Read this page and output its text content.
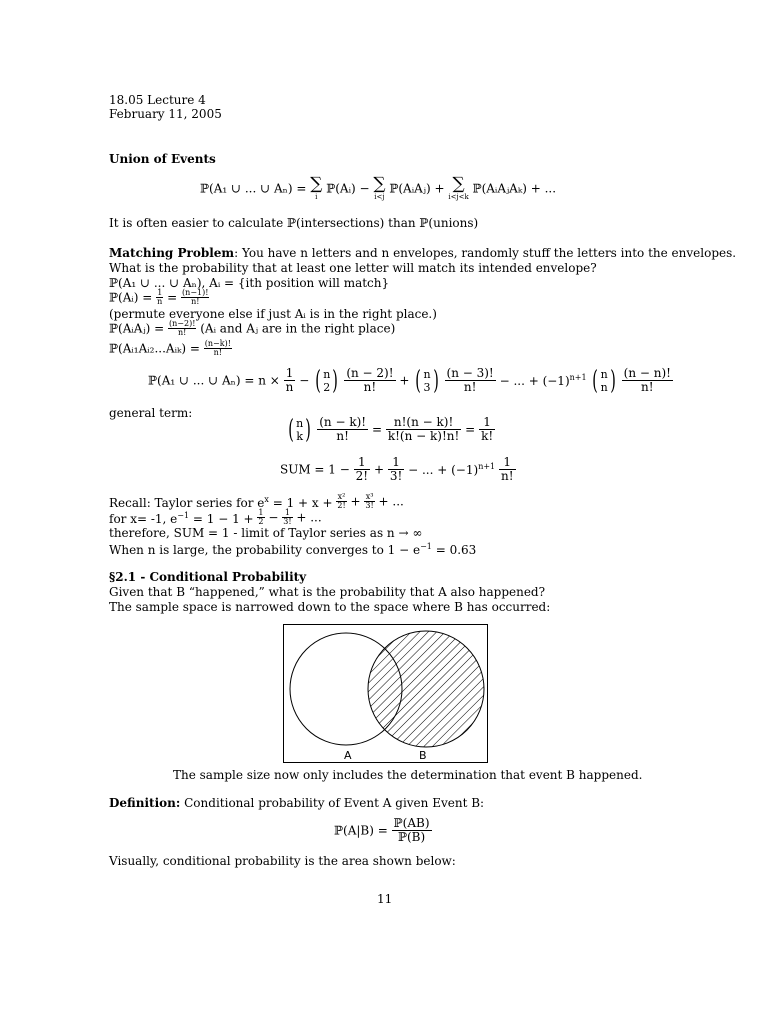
18.05 Lecture 4
February 11, 2005
Union of Events
ℙ(A₁ ∪ ... ∪ Aₙ) = ∑
i
ℙ(Aᵢ) − ∑
i<j
ℙ(AᵢAⱼ) + ∑
i<j<k
ℙ(AᵢAⱼAₖ) + ...
It is often easier to calculate ℙ(intersections) than ℙ(unions)
Matching Problem: You have n letters and n envelopes, randomly stuff the letters into the envelopes.
What is the probability that at least one letter will match its intended envelope?
ℙ(A₁ ∪ ... ∪ Aₙ), Aᵢ = {ith position will match}
ℙ(Aᵢ) = $\frac{1}{n} = \frac{(n-1)!}{n!}$
(permute everyone else if just Aᵢ is in the right place.)
ℙ(AᵢAⱼ) = $\frac{(n-2)!}{n!}$ (Aᵢ and Aⱼ are in the right place)
ℙ(Aᵢ₁Aᵢ₂...Aᵢₖ) = $\frac{(n-k)!}{n!}$
ℙ(A₁ ∪ ... ∪ $A_n) = n \times \frac{1}{n}$ − ( n
2 ) $\frac{(n - 2)!}{n!}$ + ( n
3 ) $\frac{(n - 3)!}{n!}$ − ... + $(-1)^{n+1}$ ( n
n ) $\frac{(n - n)!}{n!}$
general term:
( n
k ) $\frac{(n - k)!}{n!} = \frac{n!(n - k)!}{k!(n - k)!n!} = \frac{1}{k!}$
SUM = $1 - \frac{1}{2!} + \frac{1}{3!}$ − ... + $(-1)^{n+1} \frac{1}{n!}$
Recall: Taylor series for $e^x = 1 + x + \frac{\text{x²}}{2!} + \frac{\text{x³}}{3!}$ + ...
for x= -1, $e^{-1} = 1 - 1 + \frac{1}{2} - \frac{1}{3!}$ + ...
therefore, SUM = 1 - limit of Taylor series as n → ∞
When n is large, the probability converges to $1 - e^{-1} = 0.63$
§2.1 - Conditional Probability
Given that B “happened,” what is the probability that A also happened?
The sample space is narrowed down to the space where B has occurred:
A	B
The sample size now only includes the determination that event B happened.
Definition: Conditional probability of Event A given Event B:
ℙ(A|B) = $\frac{\text{ℙ(AB)}}{\text{ℙ(B)}}$
Visually, conditional probability is the area shown below:
11
